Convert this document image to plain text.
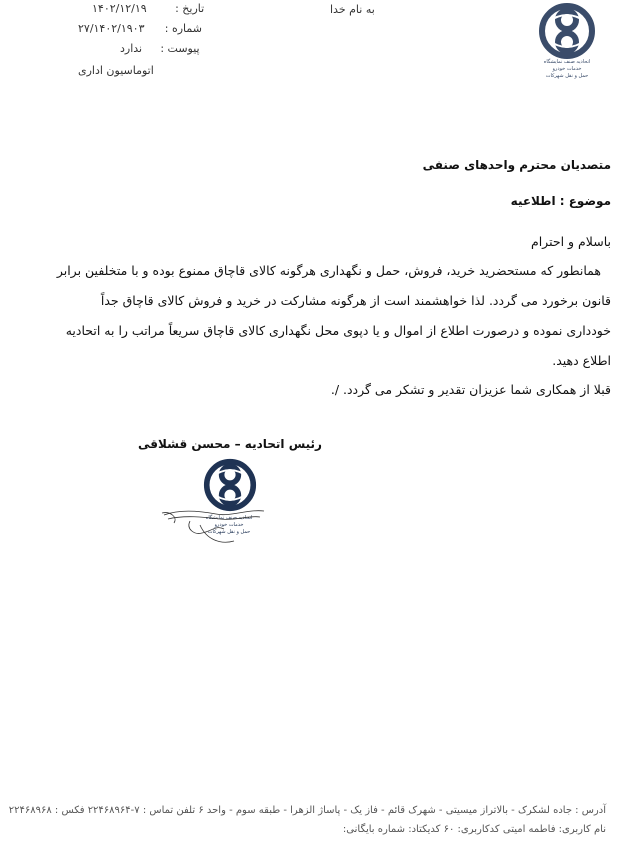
به نام خدا
تاریخ : ۱۴۰۲/۱۲/۱۹
شماره : ۲۷/۱۴۰۲/۱۹۰۳
پیوست : ندارد
اتوماسیون اداری
اتحادیه صنف نمایشگاه
خدمات خودرو
حمل و نقل شهرکات
متصدیان محترم واحدهای صنفی
موضوع : اطلاعیه
باسلام و احترام
همانطور که مستحضرید خرید، فروش، حمل و نگهداری هرگونه کالای قاچاق ممنوع بوده و با متخلفین برابر
قانون برخورد می گردد. لذا خواهشمند است از هرگونه مشارکت در خرید و فروش کالای قاچاق جداً
خودداری نموده و درصورت اطلاع از اموال و یا دپوی محل نگهداری کالای قاچاق سریعاً مراتب را به اتحادیه
اطلاع دهید.
قبلا از همکاری شما عزیزان تقدیر و تشکر می گردد. /.
رئیس اتحادیه – محسن قشلاقی
اتحادیه صنف نمایشگاه
خدمات خودرو
حمل و نقل شهرکات
آدرس : جاده لشکرک - بالاتراز میسیتی - شهرک قائم - فاز یک - پاساژ الزهرا - طبقه سوم - واحد ۶ تلفن تماس : ۷-۲۲۴۶۸۹۶۴ فکس : ۲۲۴۶۸۹۶۸
نام کاربری: فاطمه امیتی کدکاربری: ۶۰ کدیکتاد: شماره بایگانی:
